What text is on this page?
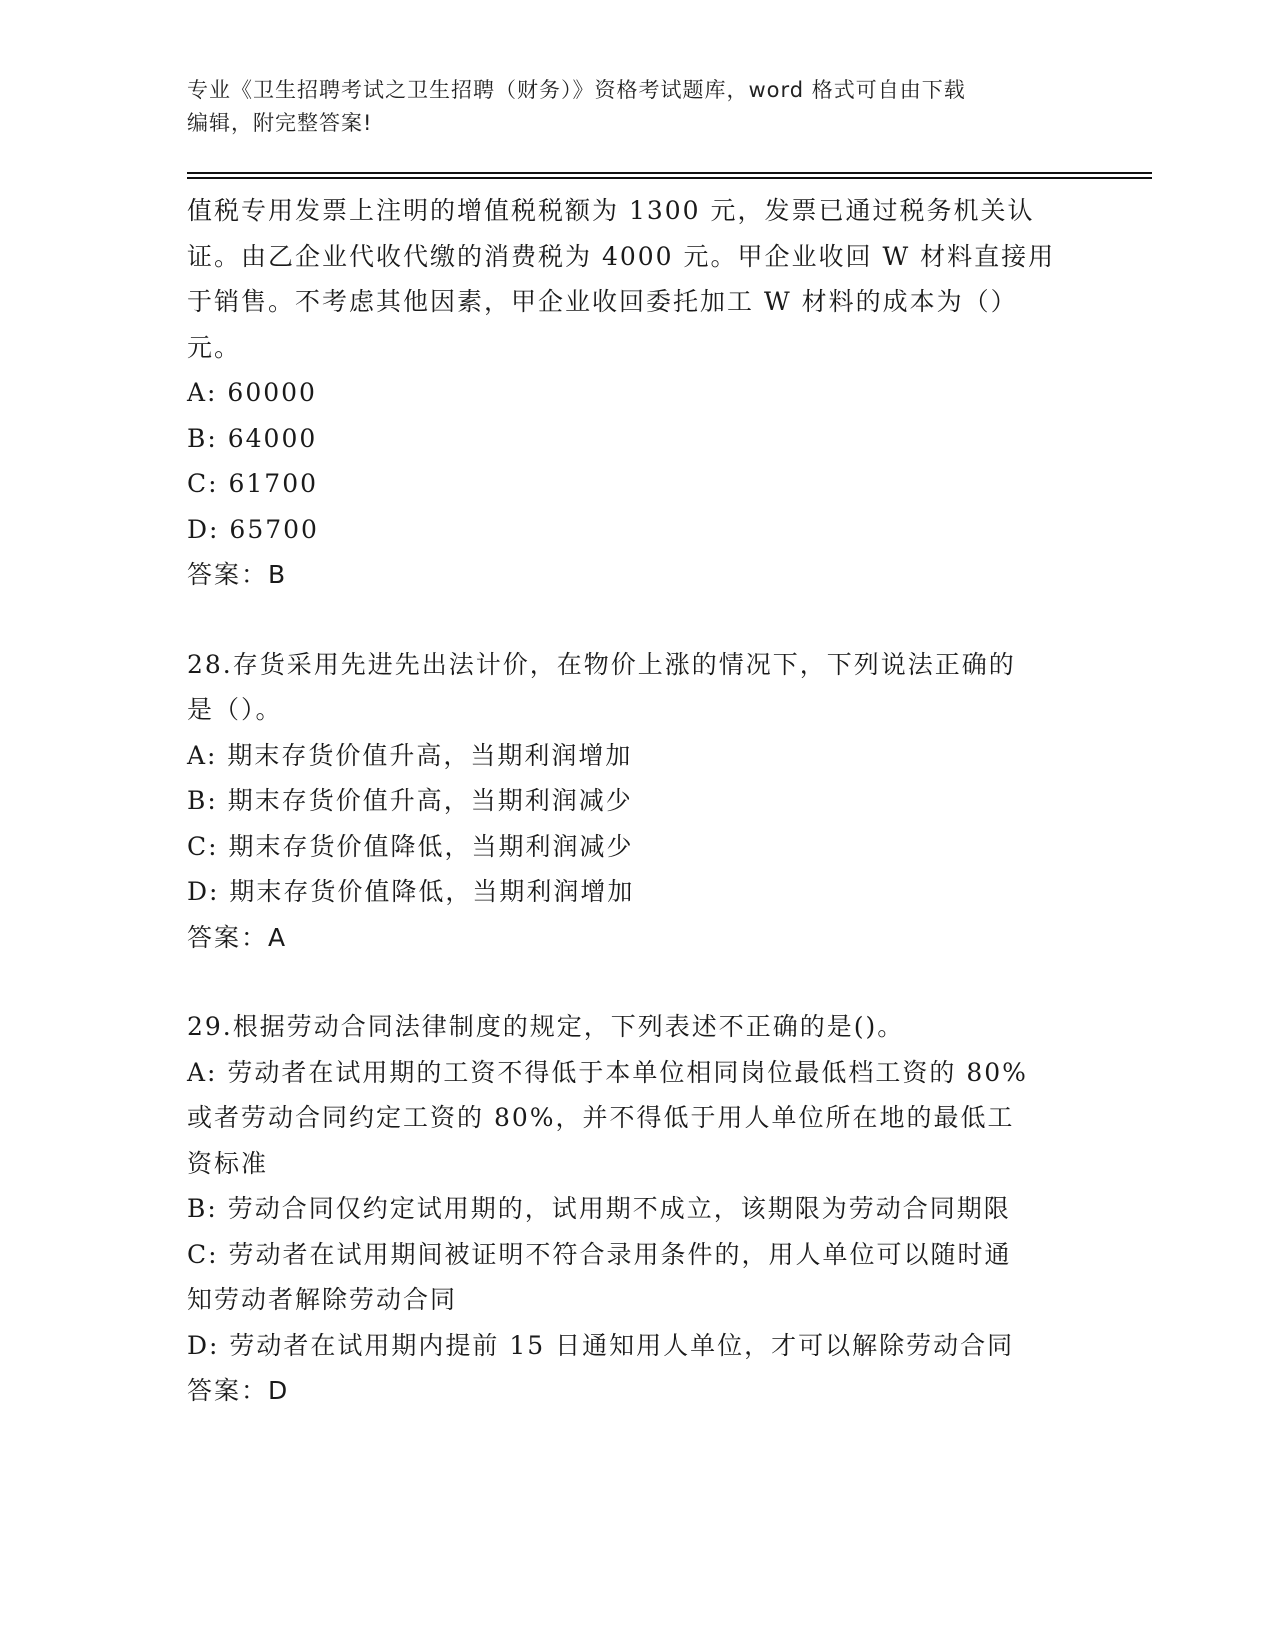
专业《卫生招聘考试之卫生招聘（财务）》资格考试题库，word 格式可自由下载
编辑，附完整答案!
值税专用发票上注明的增值税税额为 1300 元，发票已通过税务机关认
证。由乙企业代收代缴的消费税为 4000 元。甲企业收回 W 材料直接用
于销售。不考虑其他因素，甲企业收回委托加工 W 材料的成本为（）
元。
A: 60000
B: 64000
C: 61700
D: 65700
答案：B
28.存货采用先进先出法计价，在物价上涨的情况下，下列说法正确的
是（）。
A: 期末存货价值升高，当期利润增加
B: 期末存货价值升高，当期利润减少
C: 期末存货价值降低，当期利润减少
D: 期末存货价值降低，当期利润增加
答案：A
29.根据劳动合同法律制度的规定，下列表述不正确的是()。
A: 劳动者在试用期的工资不得低于本单位相同岗位最低档工资的 80%
或者劳动合同约定工资的 80%，并不得低于用人单位所在地的最低工
资标准
B: 劳动合同仅约定试用期的，试用期不成立，该期限为劳动合同期限
C: 劳动者在试用期间被证明不符合录用条件的，用人单位可以随时通
知劳动者解除劳动合同
D: 劳动者在试用期内提前 15 日通知用人单位，才可以解除劳动合同
答案：D
